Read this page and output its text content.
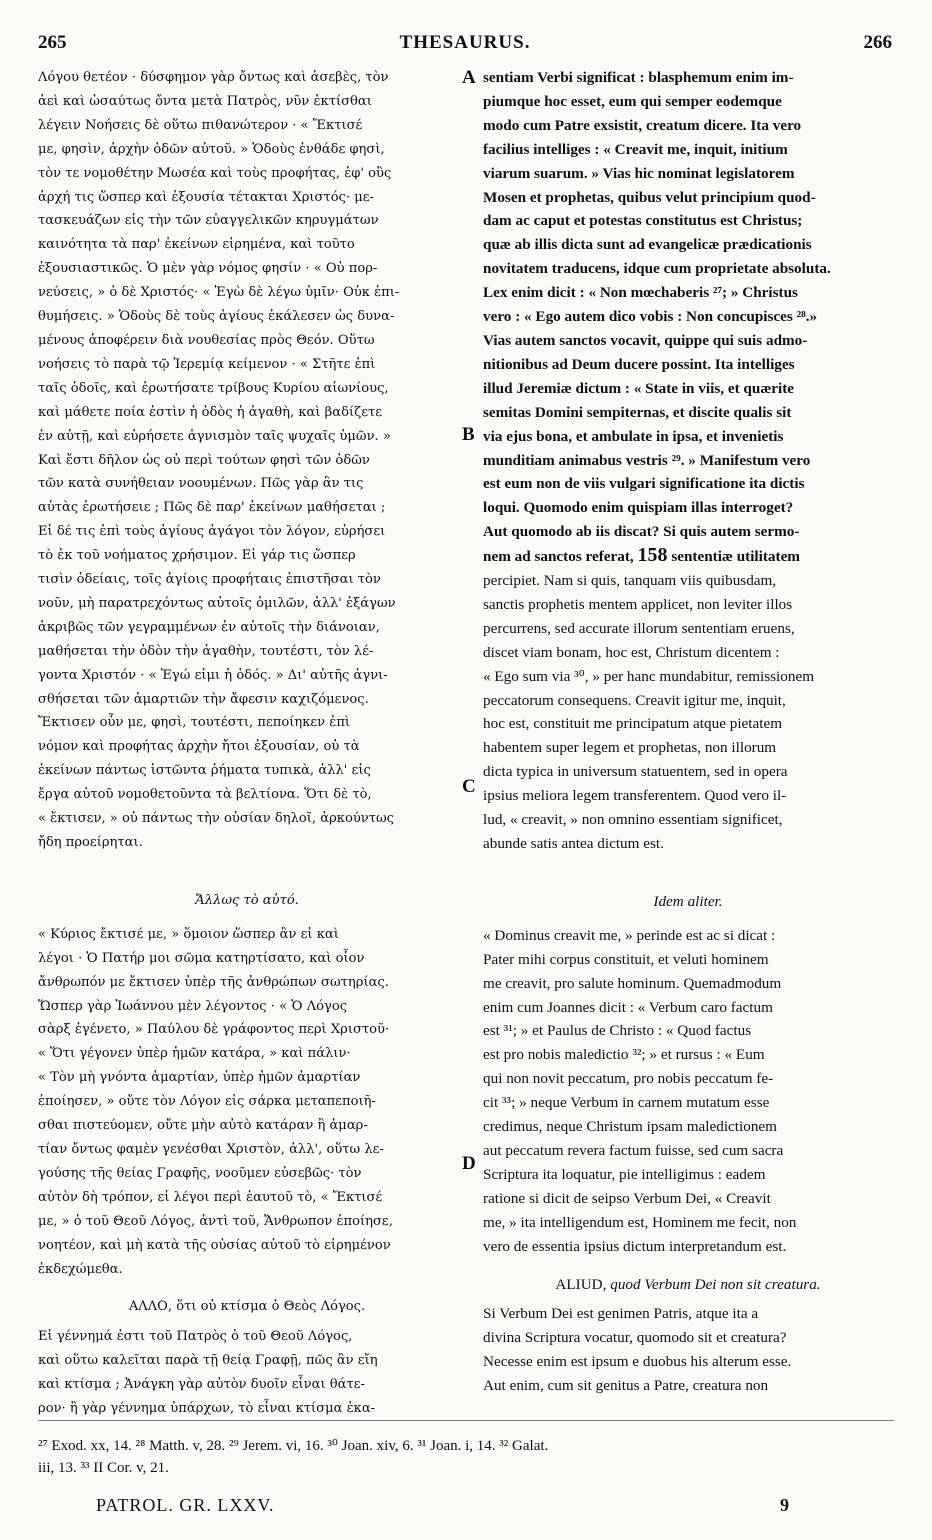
265	THESAURUS.	266
Λόγου θετέον · δύσφημον γὰρ ὄντως καὶ ἀσεβὲς, τὸν
ἀεὶ καὶ ὡσαύτως ὄντα μετὰ Πατρὸς, νῦν ἐκτίσθαι
λέγειν Νοήσεις δὲ οὕτω πιθανώτερον · « Ἔκτισέ
με, φησὶν, ἀρχὴν ὁδῶν αὐτοῦ. » Ὁδοὺς ἐνθάδε φησὶ,
τὸν τε νομοθέτην Μωσέα καὶ τοὺς προφήτας, ἐφ' οὓς
ἀρχή τις ὥσπερ καὶ ἐξουσία τέτακται Χριστός· με-
τασκευάζων εἰς τὴν τῶν εὐαγγελικῶν κηρυγμάτων
καινότητα τὰ παρ' ἐκείνων εἰρημένα, καὶ τοῦτο
ἐξουσιαστικῶς. Ὁ μὲν γὰρ νόμος φησίν · « Οὐ πορ-
νεύσεις, » ὁ δὲ Χριστός· « Ἐγὼ δὲ λέγω ὑμῖν· Οὐκ ἐπι-
θυμήσεις. » Ὁδοὺς δὲ τοὺς ἁγίους ἐκάλεσεν ὡς δυνα-
μένους ἀποφέρειν διὰ νουθεσίας πρὸς Θεόν. Οὕτω
νοήσεις τὸ παρὰ τῷ Ἱερεμίᾳ κείμενον · « Στῆτε ἐπὶ
ταῖς ὁδοῖς, καὶ ἐρωτήσατε τρίβους Κυρίου αἰωνίους,
καὶ μάθετε ποία ἐστὶν ἡ ὁδὸς ἡ ἀγαθὴ, καὶ βαδίζετε
ἐν αὐτῇ, καὶ εὑρήσετε ἁγνισμὸν ταῖς ψυχαῖς ὑμῶν. »
Καὶ ἔστι δῆλον ὡς οὐ περὶ τούτων φησὶ τῶν ὁδῶν
τῶν κατὰ συνήθειαν νοουμένων. Πῶς γὰρ ἂν τις
αὐτὰς ἐρωτήσειε ; Πῶς δὲ παρ' ἐκείνων μαθήσεται ;
Εἰ δέ τις ἐπὶ τοὺς ἁγίους ἀγάγοι τὸν λόγον, εὑρήσει
τὸ ἐκ τοῦ νοήματος χρήσιμον. Εἰ γάρ τις ὥσπερ
τισὶν ὁδείαις, τοῖς ἁγίοις προφήταις ἐπιστῆσαι τὸν
νοῦν, μὴ παρατρεχόντως αὐτοῖς ὁμιλῶν, ἀλλ' ἐξάγων
ἀκριβῶς τῶν γεγραμμένων ἐν αὐτοῖς τὴν διάνοιαν,
μαθήσεται τὴν ὁδὸν τὴν ἀγαθὴν, τουτέστι, τὸν λέ-
γοντα Χριστόν · « Ἐγώ εἰμι ἡ ὁδός. » Δι' αὐτῆς ἁγνι-
σθήσεται τῶν ἁμαρτιῶν τὴν ἄφεσιν καχιζόμενος.
Ἔκτισεν οὖν με, φησὶ, τουτέστι, πεποίηκεν ἐπὶ
νόμον καὶ προφήτας ἀρχὴν ἤτοι ἐξουσίαν, οὐ τὰ
ἐκείνων πάντως ἱστῶντα ῥήματα τυπικὰ, ἀλλ' εἰς
ἔργα αὐτοῦ νομοθετοῦντα τὰ βελτίονα. Ὅτι δὲ τὸ,
« ἔκτισεν, » οὐ πάντως τὴν οὐσίαν δηλοῖ, ἀρκούντως
ἤδη προείρηται.
Ἄλλως τὸ αὐτό.
« Κύριος ἔκτισέ με, » ὅμοιον ὥσπερ ἂν εἰ καὶ
λέγοι · Ὁ Πατήρ μοι σῶμα κατηρτίσατο, καὶ οἷον
ἄνθρωπόν με ἔκτισεν ὑπὲρ τῆς ἀνθρώπων σωτηρίας.
Ὥσπερ γὰρ Ἰωάννου μὲν λέγοντος · « Ὁ Λόγος
σὰρξ ἐγένετο, » Παύλου δὲ γράφοντος περὶ Χριστοῦ·
« Ὅτι γέγονεν ὑπὲρ ἡμῶν κατάρα, » καὶ πάλιν·
« Τὸν μὴ γνόντα ἁμαρτίαν, ὑπὲρ ἡμῶν ἁμαρτίαν
ἐποίησεν, » οὔτε τὸν Λόγον εἰς σάρκα μεταπεποιῆ-
σθαι πιστεύομεν, οὔτε μὴν αὐτὸ κατάραν ἢ ἁμαρ-
τίαν ὄντως φαμὲν γενέσθαι Χριστὸν, ἀλλ', οὕτω λε-
γούσης τῆς θείας Γραφῆς, νοοῦμεν εὐσεβῶς· τὸν
αὐτὸν δὴ τρόπον, εἰ λέγοι περὶ ἑαυτοῦ τὸ, « Ἔκτισέ
με, » ὁ τοῦ Θεοῦ Λόγος, ἀντὶ τοῦ, Ἄνθρωπον ἐποίησε,
νοητέον, καὶ μὴ κατὰ τῆς οὐσίας αὐτοῦ τὸ εἰρημένον
ἐκδεχώμεθα.
ΑΛΛΟ, ὅτι οὐ κτίσμα ὁ Θεὸς Λόγος.
Εἰ γέννημά ἐστι τοῦ Πατρὸς ὁ τοῦ Θεοῦ Λόγος,
καὶ οὕτω καλεῖται παρὰ τῇ θείᾳ Γραφῇ, πῶς ἂν εἴη
καὶ κτίσμα ; Ἀνάγκη γὰρ αὐτὸν δυοῖν εἶναι θάτε-
ρον· ἢ γὰρ γέννημα ὑπάρχων, τὸ εἶναι κτίσμα ἐκα-
sentiam Verbi significat : blasphemum enim im-
piumque hoc esset, eum qui semper eodemque
modo cum Patre exsistit, creatum dicere. Ita vero
facilius intelliges : « Creavit me, inquit, initium
viarum suarum. » Vias hic nominat legislatorem
Mosen et prophetas, quibus velut principium quod-
dam ac caput et potestas constitutus est Christus;
quæ ab illis dicta sunt ad evangelicæ prædicationis
novitatem traducens, idque cum proprietate absoluta.
Lex enim dicit : « Non mœchaberis ²⁷; » Christus
vero : « Ego autem dico vobis : Non concupisces ²⁸.»
Vias autem sanctos vocavit, quippe qui suis admo-
nitionibus ad Deum ducere possint. Ita intelliges
illud Jeremiæ dictum : « State in viis, et quærite
semitas Domini sempiternas, et discite qualis sit
via ejus bona, et ambulate in ipsa, et invenietis
munditiam animabus vestris ²⁹. » Manifestum vero
est eum non de viis vulgari significatione ita dictis
loqui. Quomodo enim quispiam illas interroget?
Aut quomodo ab iis discat? Si quis autem sermo-
nem ad sanctos referat, 158 sententiæ utilitatem
percipiet. Nam si quis, tanquam viis quibusdam,
sanctis prophetis mentem applicet, non leviter illos
percurrens, sed accurate illorum sententiam eruens,
discet viam bonam, hoc est, Christum dicentem :
« Ego sum via ³⁰, » per hanc mundabitur, remissionem
peccatorum consequens. Creavit igitur me, inquit,
hoc est, constituit me principatum atque pietatem
habentem super legem et prophetas, non illorum
dicta typica in universum statuentem, sed in opera
ipsius meliora legem transferentem. Quod vero il-
lud, « creavit, » non omnino essentiam significet,
abunde satis antea dictum est.
Idem aliter.
« Dominus creavit me, » perinde est ac si dicat :
Pater mihi corpus constituit, et veluti hominem
me creavit, pro salute hominum. Quemadmodum
enim cum Joannes dicit : « Verbum caro factum
est ³¹; » et Paulus de Christo : « Quod factus
est pro nobis maledictio ³²; » et rursus : « Eum
qui non novit peccatum, pro nobis peccatum fe-
cit ³³; » neque Verbum in carnem mutatum esse
credimus, neque Christum ipsam maledictionem
aut peccatum revera factum fuisse, sed cum sacra
Scriptura ita loquatur, pie intelligimus : eadem
ratione si dicit de seipso Verbum Dei, « Creavit
me, » ita intelligendum est, Hominem me fecit, non
vero de essentia ipsius dictum interpretandum est.
ALIUD, quod Verbum Dei non sit creatura.
Si Verbum Dei est genimen Patris, atque ita a
divina Scriptura vocatur, quomodo sit et creatura?
Necesse enim est ipsum e duobus his alterum esse.
Aut enim, cum sit genitus a Patre, creatura non
A
B
C
D
²⁷ Exod. xx, 14. ²⁸ Matth. v, 28. ²⁹ Jerem. vi, 16. ³⁰ Joan. xiv, 6. ³¹ Joan. i, 14. ³² Galat.
iii, 13. ³³ II Cor. v, 21.
PATROL. GR. LXXV.	9
